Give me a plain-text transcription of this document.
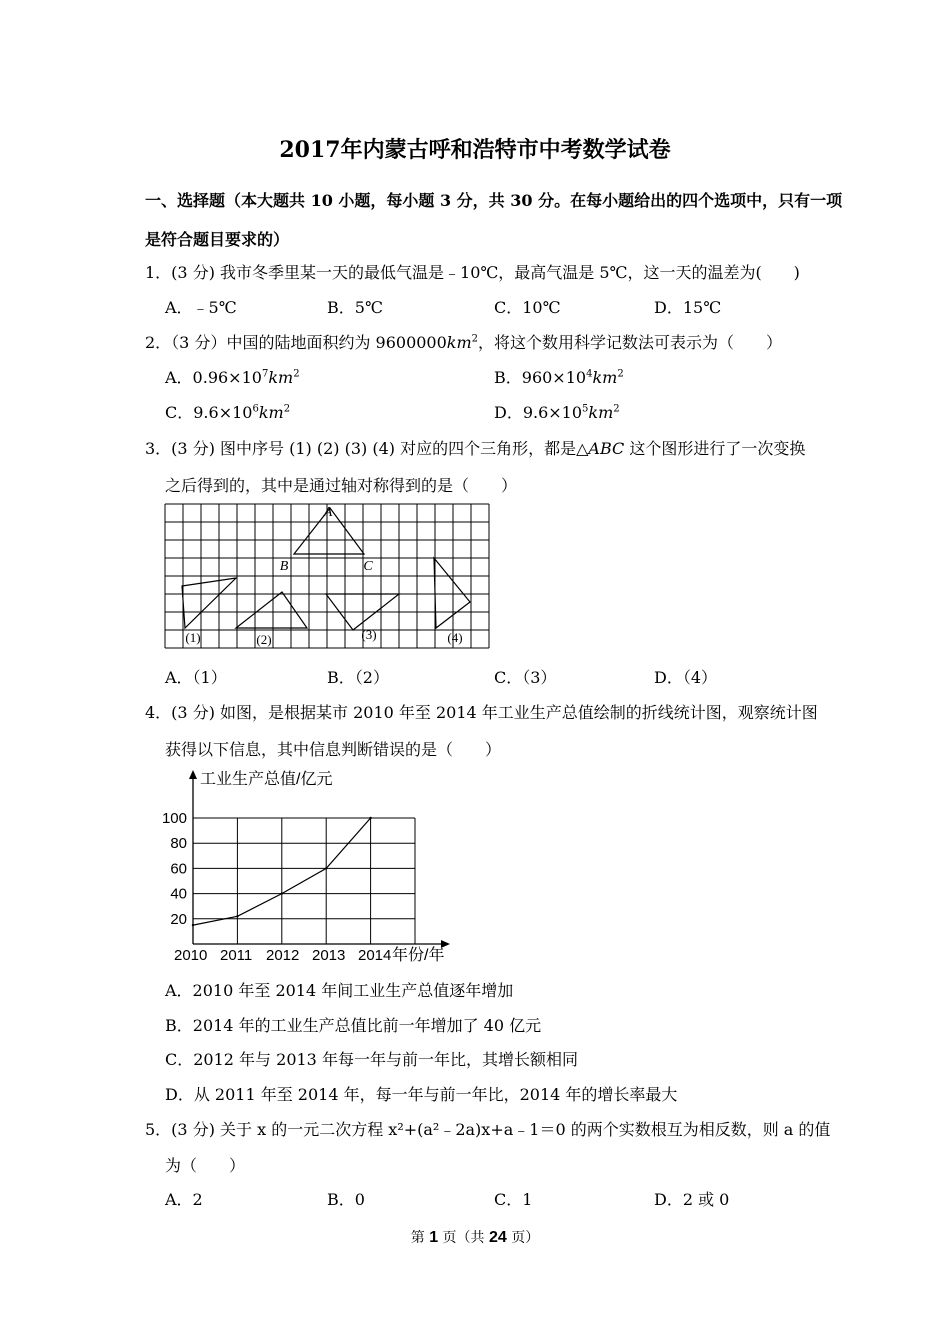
2017年内蒙古呼和浩特市中考数学试卷
一、选择题（本大题共 10 小题，每小题 3 分，共 30 分。在每小题给出的四个选项中，只有一项
是符合题目要求的）
1．(3 分) 我市冬季里某一天的最低气温是﹣10℃，最高气温是 5℃，这一天的温差为(　　)
A．﹣5℃	B．5℃	C．10℃	D．15℃
2．（3 分）中国的陆地面积约为 $9600000km^2$，将这个数用科学记数法可表示为（　　）
A．$0.96\times 10^7km^2$	B．$960\times 10^4km^2$
C．$9.6\times 10^6km^2$	D．$9.6\times 10^5km^2$
3．(3 分) 图中序号 (1) (2) (3) (4) 对应的四个三角形，都是△ABC 这个图形进行了一次变换
之后得到的，其中是通过轴对称得到的是（　　）
A
B	C
(1)	(2)	(3)	(4)
A．（1）	B．（2）	C．（3）	D．（4）
4．(3 分) 如图，是根据某市 2010 年至 2014 年工业生产总值绘制的折线统计图，观察统计图
获得以下信息，其中信息判断错误的是（　　）
20
40
60
80
100
2010 2011 2012 2013 2014
工业生产总值/亿元
年份/年
A．2010 年至 2014 年间工业生产总值逐年增加
B．2014 年的工业生产总值比前一年增加了 40 亿元
C．2012 年与 2013 年每一年与前一年比，其增长额相同
D．从 2011 年至 2014 年，每一年与前一年比，2014 年的增长率最大
5．(3 分) 关于 x 的一元二次方程 x²+(a²﹣2a)x+a﹣1＝0 的两个实数根互为相反数，则 a 的值
为（　　）
A．2	B．0	C．1	D．2 或 0
第 1 页（共 24 页）
